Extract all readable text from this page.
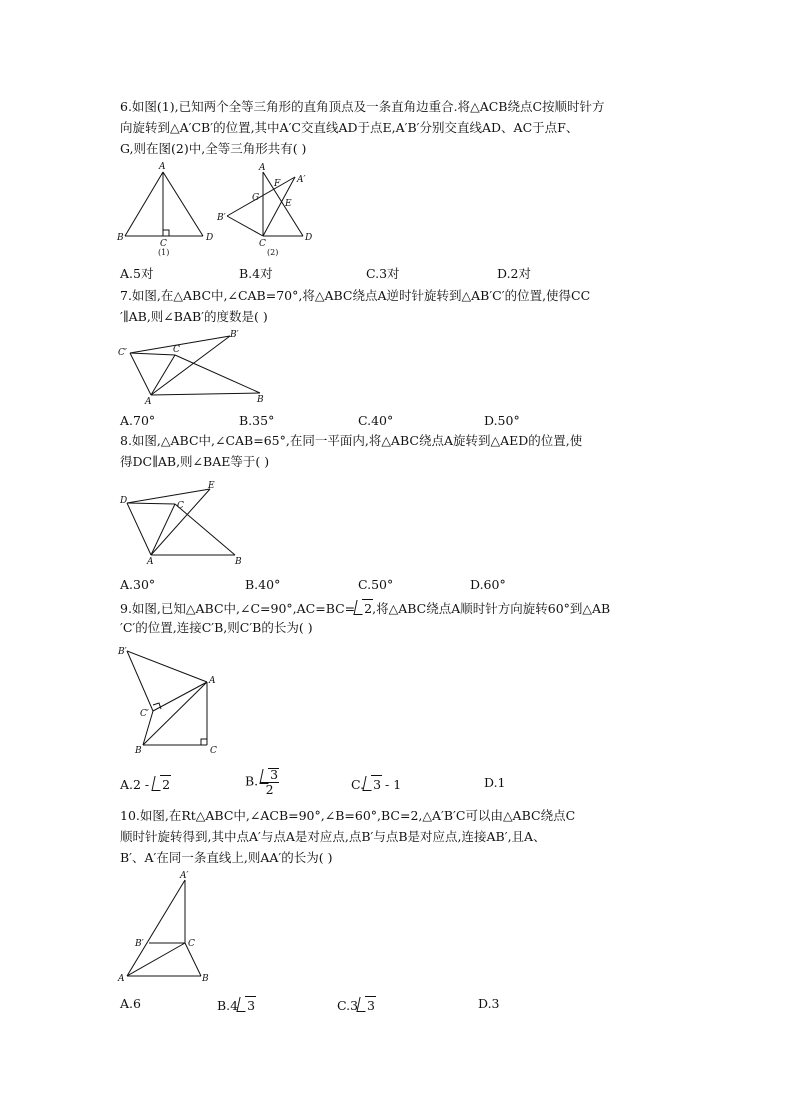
6.如图(1),已知两个全等三角形的直角顶点及一条直角边重合.将△ACB绕点C按顺时针方
向旋转到△A′CB′的位置,其中A′C交直线AD于点E,A′B′分别交直线AD、AC于点F、
G,则在图(2)中,全等三角形共有( )
A
B
C
D
(1)
A
A′
F
G
E
B′
C
D
(2)
A.5对	B.4对	C.3对	D.2对
7.如图,在△ABC中,∠CAB=70°,将△ABC绕点A逆时针旋转到△AB′C′的位置,使得CC
′∥AB,则∠BAB′的度数是( )
C′	C
B′
A	B
A.70°	B.35°	C.40°	D.50°
8.如图,△ABC中,∠CAB=65°,在同一平面内,将△ABC绕点A旋转到△AED的位置,使
得DC∥AB,则∠BAE等于( )
D
E
C
A	B
A.30°	B.40°	C.50°	D.60°
9.如图,已知△ABC中,∠C=90°,AC=BC= 2,将△ABC绕点A顺时针方向旋转60°到△AB
′C′的位置,连接C′B,则C′B的长为( )
B′
A
C′
B	C
A.2 - 2	B. $\frac{3}{2}$	C. 3 - 1	D.1
10.如图,在Rt△ABC中,∠ACB=90°,∠B=60°,BC=2,△A′B′C可以由△ABC绕点C
顺时针旋转得到,其中点A′与点A是对应点,点B′与点B是对应点,连接AB′,且A、
B′、A′在同一条直线上,则AA′的长为( )
A′
B′	C
A	B
A.6	B.4 3	C.3 3	D.3
